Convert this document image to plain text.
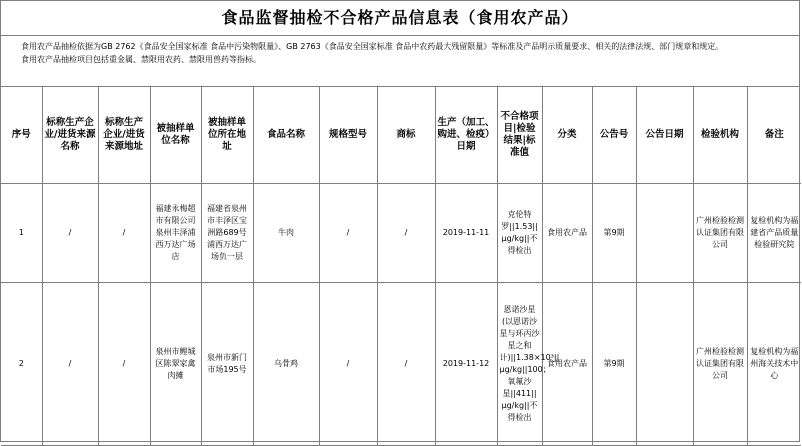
食品监督抽检不合格产品信息表（食用农产品）

食用农产品抽检依据为GB 2762《食品安全国家标准 食品中污染物限量》、GB 2763《食品安全国家标准 食品中农药最大残留限量》等标准及产品明示质量要求、相关的法律法规、部门规章和规定。

食用农产品抽检项目包括重金属、禁限用农药、禁限用兽药等指标。

序号	标称生产企业/进货来源名称	标称生产企业/进货来源地址	被抽样单位名称	被抽样单位所在地址	食品名称	规格型号	商标	生产（加工、购进、检疫）日期	不合格项目|检验结果|标准值	分类	公告号	公告日期	检验机构	备注
1	/	/	福建永梅超市有限公司泉州丰泽浦西万达广场店	福建省泉州市丰泽区宝洲路689号浦西万达广场负一层	牛肉	/	/	2019-11-11	克伦特罗||1.53||μg/kg||不得检出	食用农产品	第9期		广州检验检测认证集团有限公司	复检机构为福建省产品质量检验研究院
2	/	/	泉州市鲤城区陈翠家禽肉摊	泉州市新门市场195号	乌骨鸡	/	/	2019-11-12	恩诺沙星(以恩诺沙星与环丙沙星之和计)||1.38×10³||μg/kg||100；氧氟沙星||411||μg/kg||不得检出	食用农产品	第9期		广州检验检测认证集团有限公司	复检机构为福州海关技术中心
